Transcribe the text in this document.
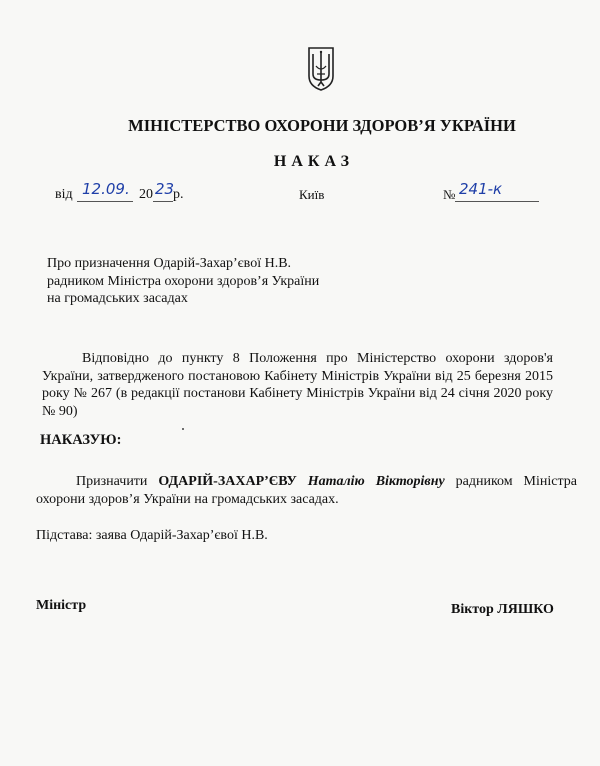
МІНІСТЕРСТВО ОХОРОНИ ЗДОРОВ’Я УКРАЇНИ
НАКАЗ
від 12.09. 20 23
р.	Київ	№ 241-к
Про призначення Одарій-Захар’євої Н.В.
радником Міністра охорони здоров’я України
на громадських засадах
Відповідно до пункту 8 Положення про Міністерство охорони здоров'я України, затвердженого постановою Кабінету Міністрів України від 25 березня 2015 року № 267 (в редакції постанови Кабінету Міністрів України від 24 січня 2020 року № 90)
НАКАЗУЮ:
Призначити ОДАРІЙ-ЗАХАР’ЄВУ Наталію Вікторівну радником Міністра охорони здоров’я України на громадських засадах.
Підстава: заява Одарій-Захар’євої Н.В.
Міністр	Віктор ЛЯШКО
